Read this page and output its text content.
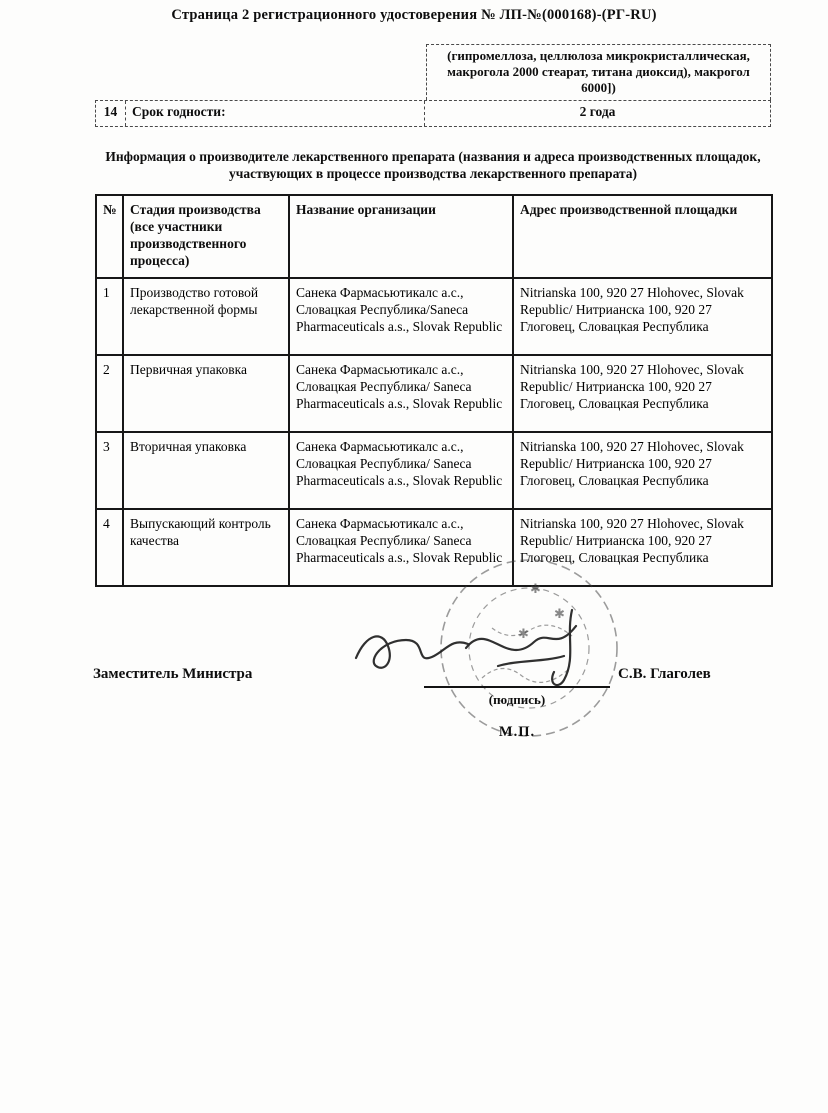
Страница 2 регистрационного удостоверения № ЛП-№(000168)-(РГ-RU)
(гипромеллоза, целлюлоза микрокристаллическая, макрогола 2000 стеарат, титана диоксид), макрогол 6000])
14	Срок годности:	2 года
Информация о производителе лекарственного препарата (названия и адреса производственных площадок, участвующих в процессе производства лекарственного препарата)
№	Стадия производства (все участники производственного процесса)	Название организации	Адрес производственной площадки
1	Производство готовой лекарственной формы	Санека Фармасьютикалс а.с., Словацкая Республика/Saneca Pharmaceuticals a.s., Slovak Republic	Nitrianska 100, 920 27 Hlohovec, Slovak Republic/ Нитрианска 100, 920 27 Глоговец, Словацкая Республика
2	Первичная упаковка	Санека Фармасьютикалс а.с., Словацкая Республика/ Saneca Pharmaceuticals a.s., Slovak Republic	Nitrianska 100, 920 27 Hlohovec, Slovak Republic/ Нитрианска 100, 920 27 Глоговец, Словацкая Республика
3	Вторичная упаковка	Санека Фармасьютикалс а.с., Словацкая Республика/ Saneca Pharmaceuticals a.s., Slovak Republic	Nitrianska 100, 920 27 Hlohovec, Slovak Republic/ Нитрианска 100, 920 27 Глоговец, Словацкая Республика
4	Выпускающий контроль качества	Санека Фармасьютикалс а.с., Словацкая Республика/ Saneca Pharmaceuticals a.s., Slovak Republic	Nitrianska 100, 920 27 Hlohovec, Slovak Republic/ Нитрианска 100, 920 27 Глоговец, Словацкая Республика
✱
✱
✱
Заместитель Министра	С.В. Глаголев
(подпись)
М.П.
